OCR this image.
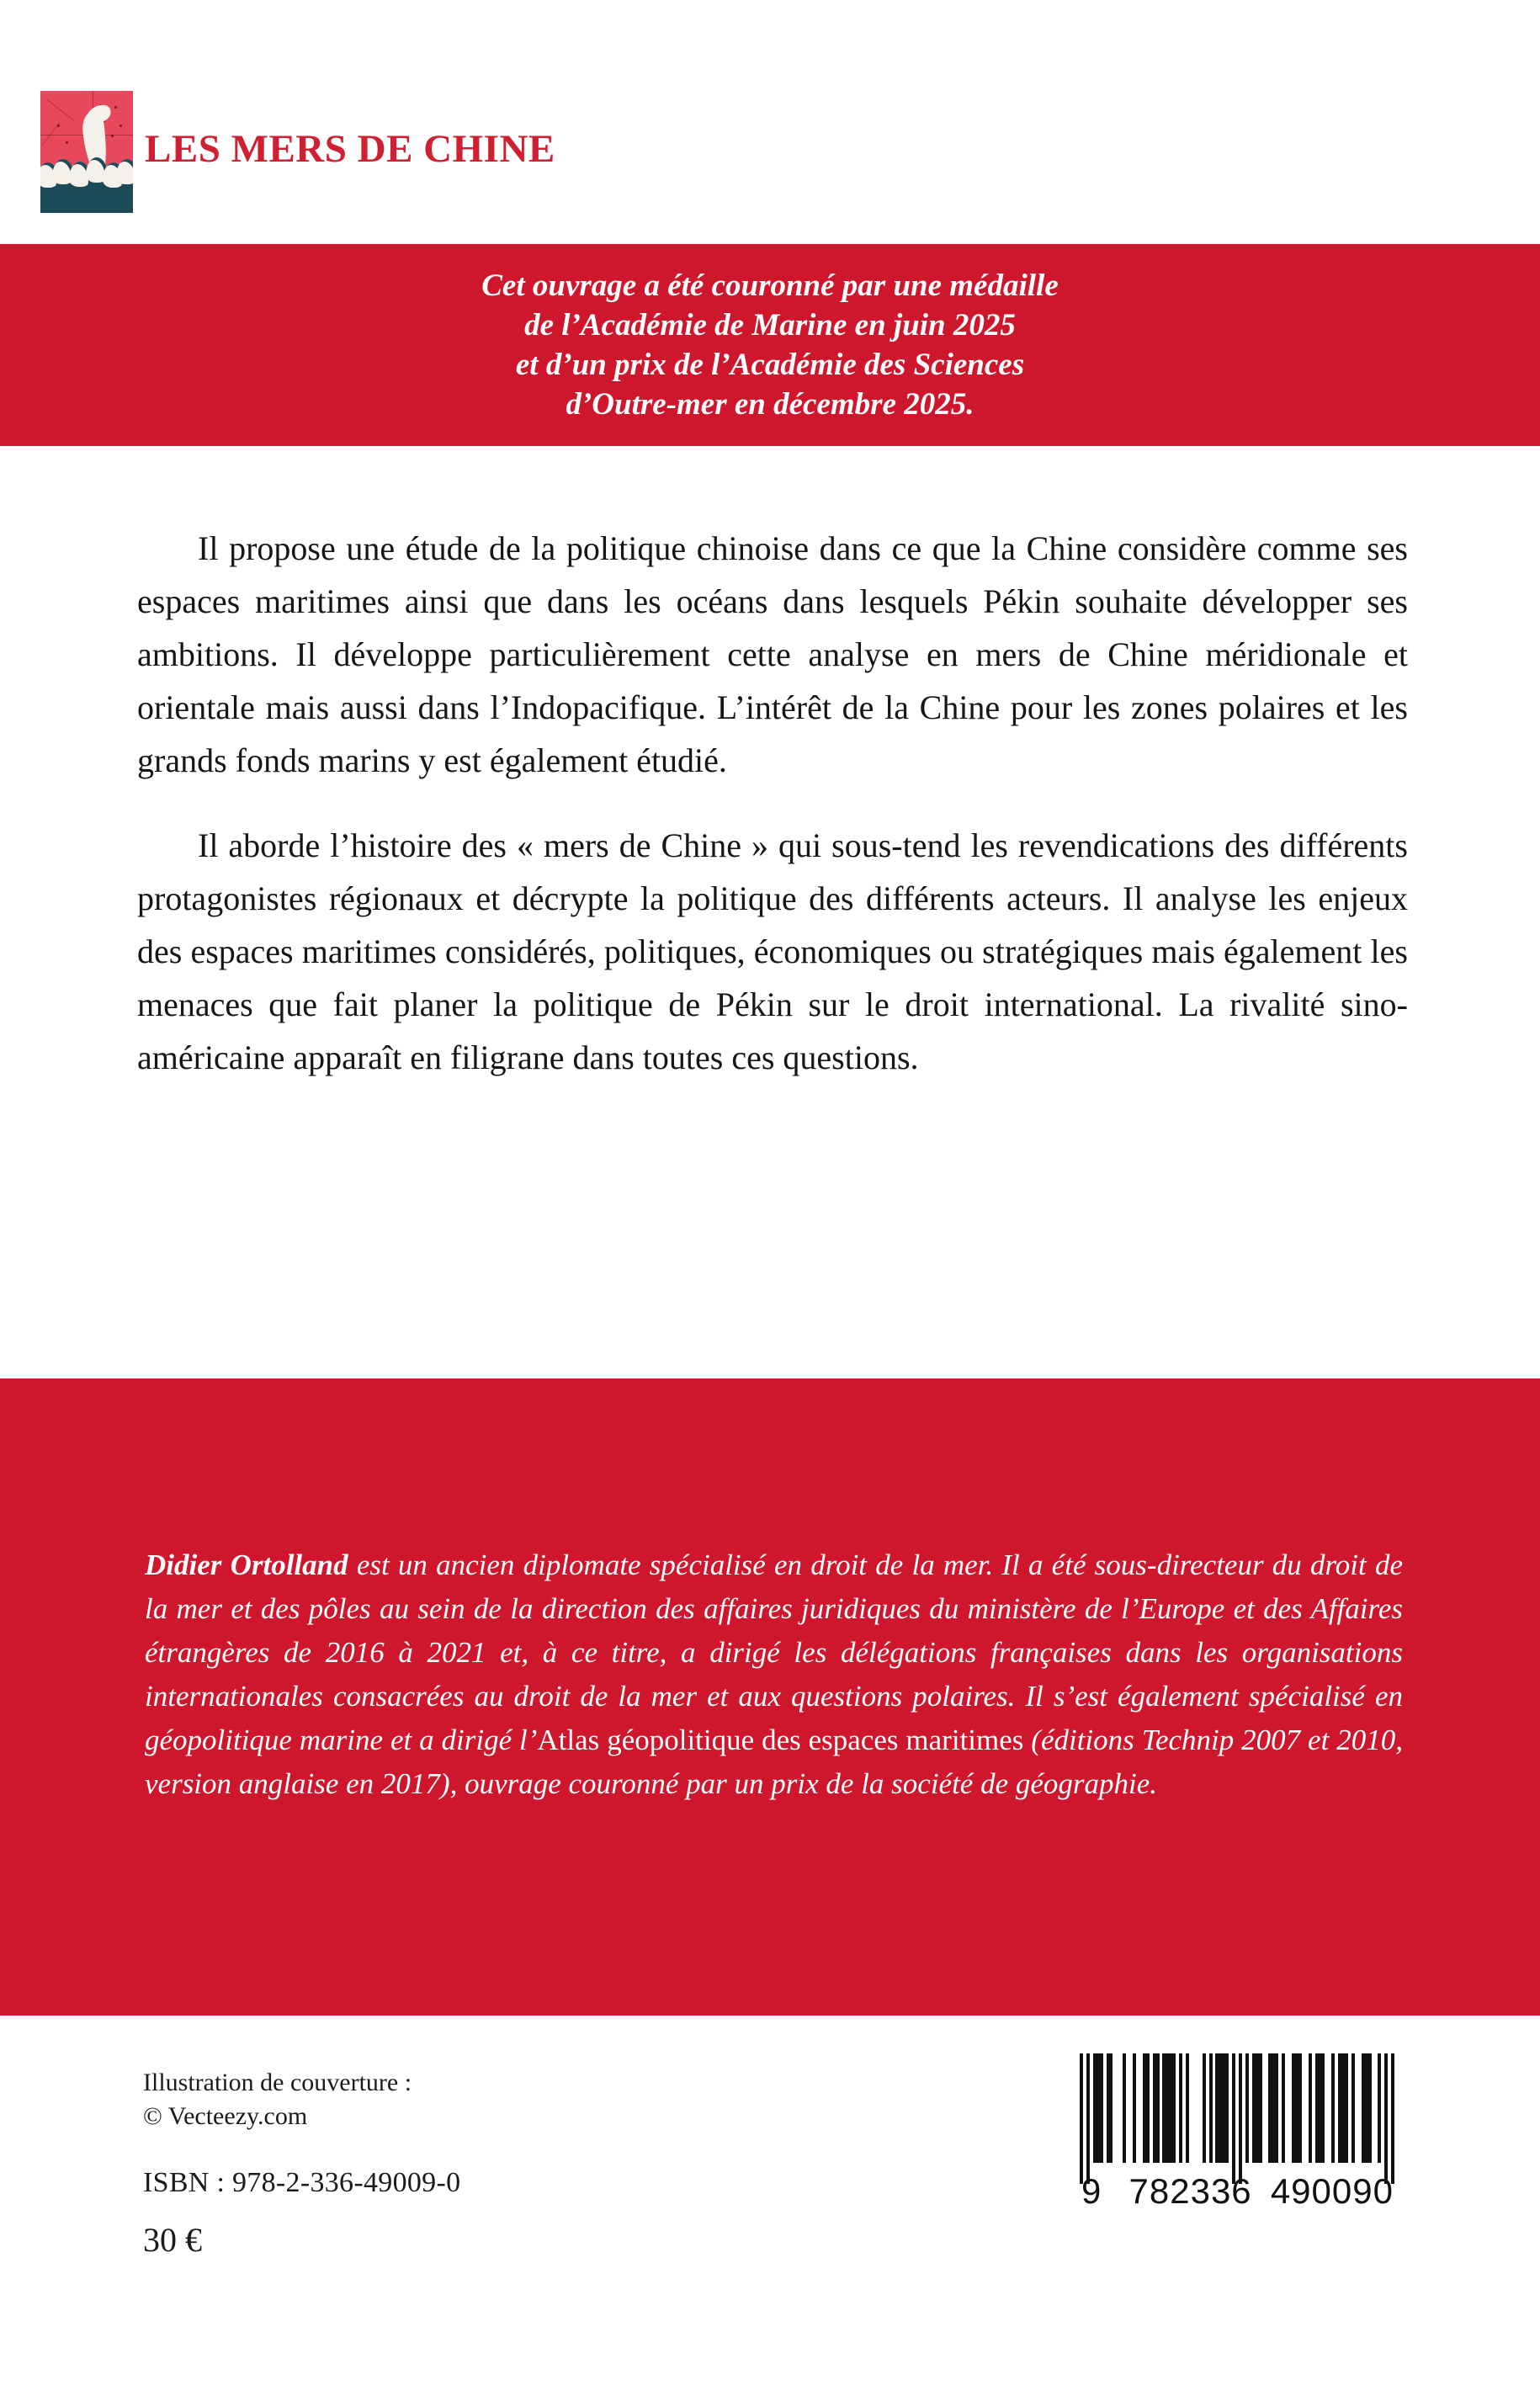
LES MERS DE CHINE
Cet ouvrage a été couronné par une médaille
de l’Académie de Marine en juin 2025
et d’un prix de l’Académie des Sciences
d’Outre-mer en décembre 2025.

Il propose une étude de la politique chinoise dans ce que la Chine considère comme ses espaces maritimes ainsi que dans les océans dans lesquels Pékin souhaite développer ses ambitions. Il développe particulièrement cette analyse en mers de Chine méridionale et orientale mais aussi dans l’Indopacifique. L’intérêt de la Chine pour les zones polaires et les grands fonds marins y est également étudié.

Il aborde l’histoire des « mers de Chine » qui sous-tend les revendications des différents protagonistes régionaux et décrypte la politique des différents acteurs. Il analyse les enjeux des espaces maritimes considérés, politiques, économiques ou stratégiques mais également les menaces que fait planer la politique de Pékin sur le droit international. La rivalité sino-américaine apparaît en filigrane dans toutes ces questions.

Didier Ortolland est un ancien diplomate spécialisé en droit de la mer. Il a été sous-directeur du droit de la mer et des pôles au sein de la direction des affaires juridiques du ministère de l’Europe et des Affaires étrangères de 2016 à 2021 et, à ce titre, a dirigé les délégations françaises dans les organisations internationales consacrées au droit de la mer et aux questions polaires. Il s’est également spécialisé en géopolitique marine et a dirigé l’Atlas géopolitique des espaces maritimes (éditions Technip 2007 et 2010, version anglaise en 2017), ouvrage couronné par un prix de la société de géographie.
Illustration de couverture :
© Vecteezy.com
ISBN : 978-2-336-49009-0
30 €
9 782336 490090
